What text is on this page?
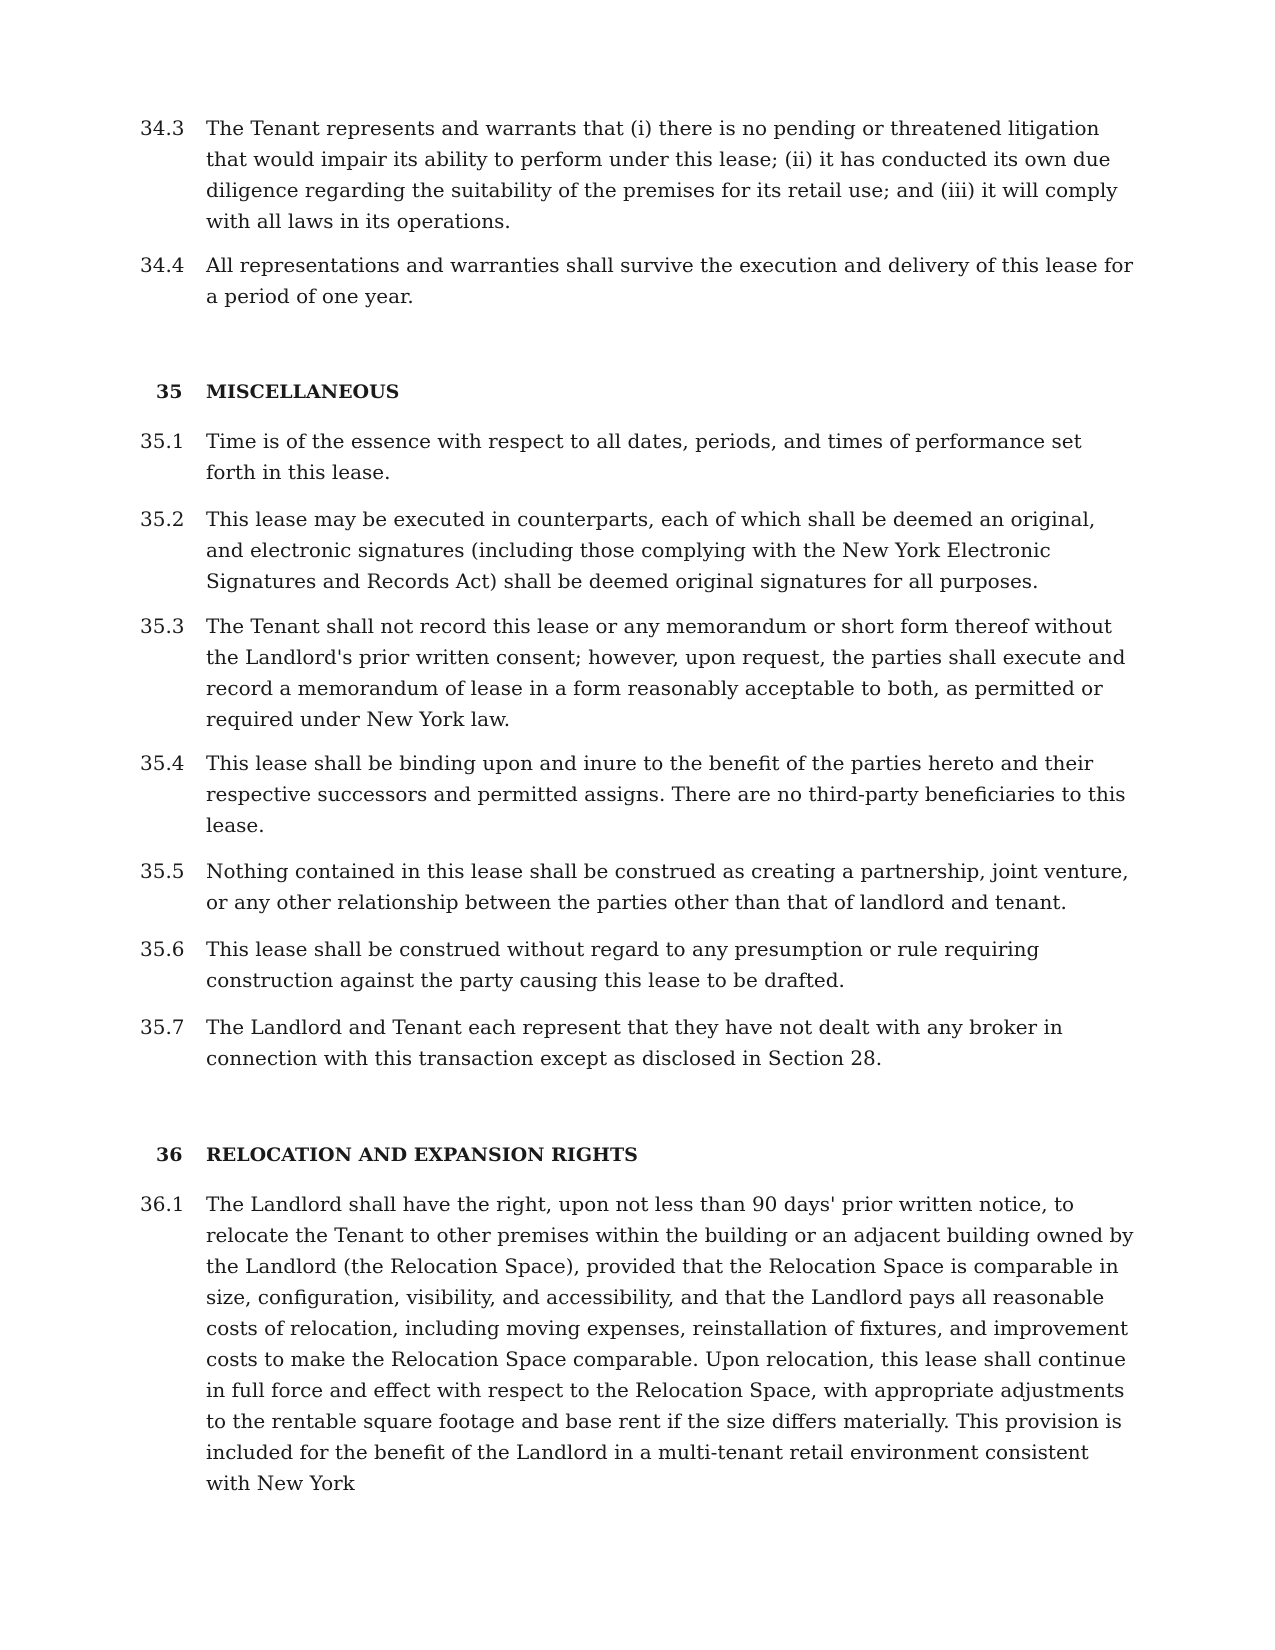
34.3	The Tenant represents and warrants that (i) there is no pending or threatened litigation that would impair its ability to perform under this lease; (ii) it has conducted its own due diligence regarding the suitability of the premises for its retail use; and (iii) it will comply with all laws in its operations.
34.4	All representations and warranties shall survive the execution and delivery of this lease for a period of one year.
35	MISCELLANEOUS
35.1	Time is of the essence with respect to all dates, periods, and times of performance set forth in this lease.
35.2	This lease may be executed in counterparts, each of which shall be deemed an original, and electronic signatures (including those complying with the New York Electronic Signatures and Records Act) shall be deemed original signatures for all purposes.
35.3	The Tenant shall not record this lease or any memorandum or short form thereof without the Landlord's prior written consent; however, upon request, the parties shall execute and record a memorandum of lease in a form reasonably acceptable to both, as permitted or required under New York law.
35.4	This lease shall be binding upon and inure to the benefit of the parties hereto and their respective successors and permitted assigns. There are no third-party beneficiaries to this lease.
35.5	Nothing contained in this lease shall be construed as creating a partnership, joint venture, or any other relationship between the parties other than that of landlord and tenant.
35.6	This lease shall be construed without regard to any presumption or rule requiring construction against the party causing this lease to be drafted.
35.7	The Landlord and Tenant each represent that they have not dealt with any broker in connection with this transaction except as disclosed in Section 28.
36	RELOCATION AND EXPANSION RIGHTS
36.1	The Landlord shall have the right, upon not less than 90 days' prior written notice, to relocate the Tenant to other premises within the building or an adjacent building owned by the Landlord (the Relocation Space), provided that the Relocation Space is comparable in size, configuration, visibility, and accessibility, and that the Landlord pays all reasonable costs of relocation, including moving expenses, reinstallation of fixtures, and improvement costs to make the Relocation Space comparable. Upon relocation, this lease shall continue in full force and effect with respect to the Relocation Space, with appropriate adjustments to the rentable square footage and base rent if the size differs materially. This provision is included for the benefit of the Landlord in a multi-tenant retail environment consistent with New York
